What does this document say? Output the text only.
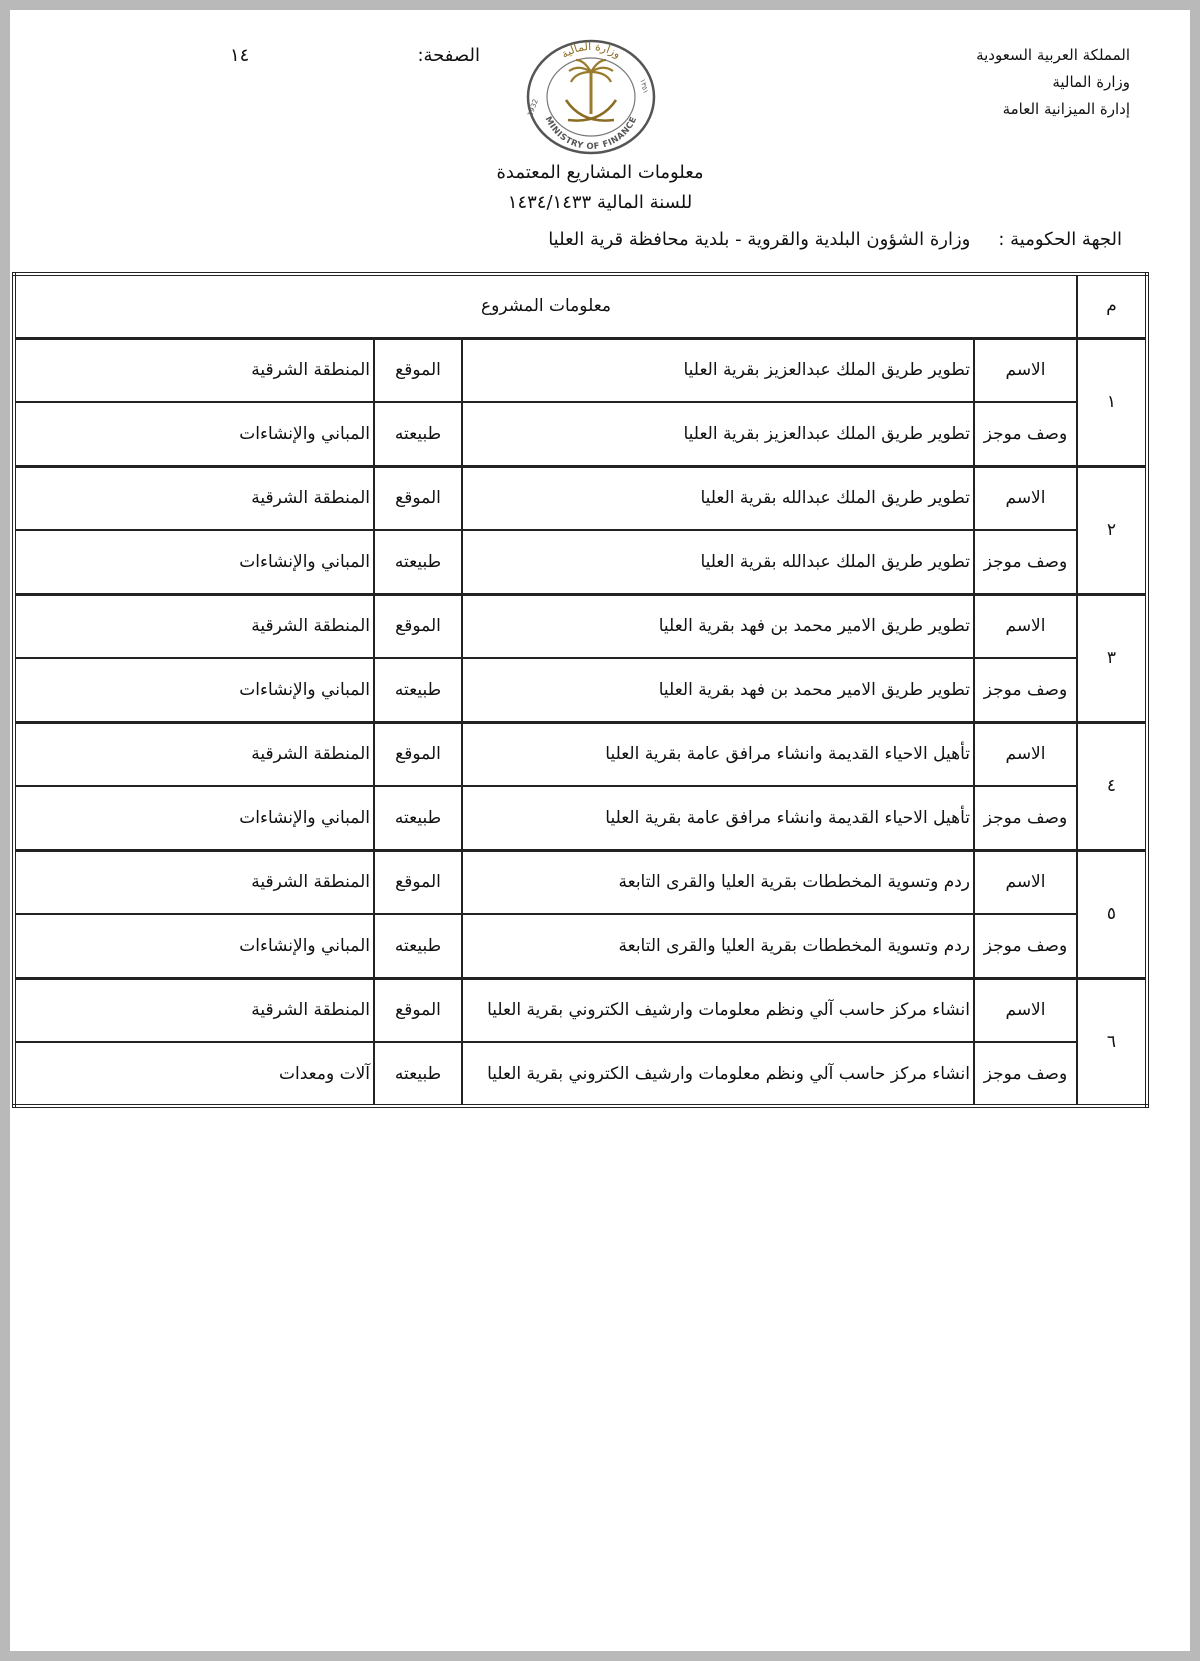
المملكة العربية السعودية
وزارة المالية
إدارة الميزانية العامة
الصفحة:
١٤	وزارة المالية
MINISTRY OF FINANCE
1932
١٣٥١
معلومات المشاريع المعتمدة
للسنة المالية ١٤٣٤/١٤٣٣
الجهة الحكومية :
وزارة الشؤون البلدية والقروية - بلدية محافظة قرية العليا
م	معلومات المشروع			
١	الاسم	تطوير طريق الملك عبدالعزيز بقرية العليا	الموقع	المنطقة الشرقية
	وصف موجز	تطوير طريق الملك عبدالعزيز بقرية العليا	طبيعته	المباني والإنشاءات
٢	الاسم	تطوير طريق الملك عبدالله بقرية العليا	الموقع	المنطقة الشرقية
	وصف موجز	تطوير طريق الملك عبدالله بقرية العليا	طبيعته	المباني والإنشاءات
٣	الاسم	تطوير طريق الامير محمد بن فهد بقرية العليا	الموقع	المنطقة الشرقية
	وصف موجز	تطوير طريق الامير محمد بن فهد بقرية العليا	طبيعته	المباني والإنشاءات
٤	الاسم	تأهيل الاحياء القديمة وانشاء مرافق عامة بقرية العليا	الموقع	المنطقة الشرقية
	وصف موجز	تأهيل الاحياء القديمة وانشاء مرافق عامة بقرية العليا	طبيعته	المباني والإنشاءات
٥	الاسم	ردم وتسوية المخططات بقرية العليا والقرى التابعة	الموقع	المنطقة الشرقية
	وصف موجز	ردم وتسوية المخططات بقرية العليا والقرى التابعة	طبيعته	المباني والإنشاءات
٦	الاسم	انشاء مركز حاسب آلي ونظم معلومات وارشيف الكتروني بقرية العليا	الموقع	المنطقة الشرقية
	وصف موجز	انشاء مركز حاسب آلي ونظم معلومات وارشيف الكتروني بقرية العليا	طبيعته	آلات ومعدات
